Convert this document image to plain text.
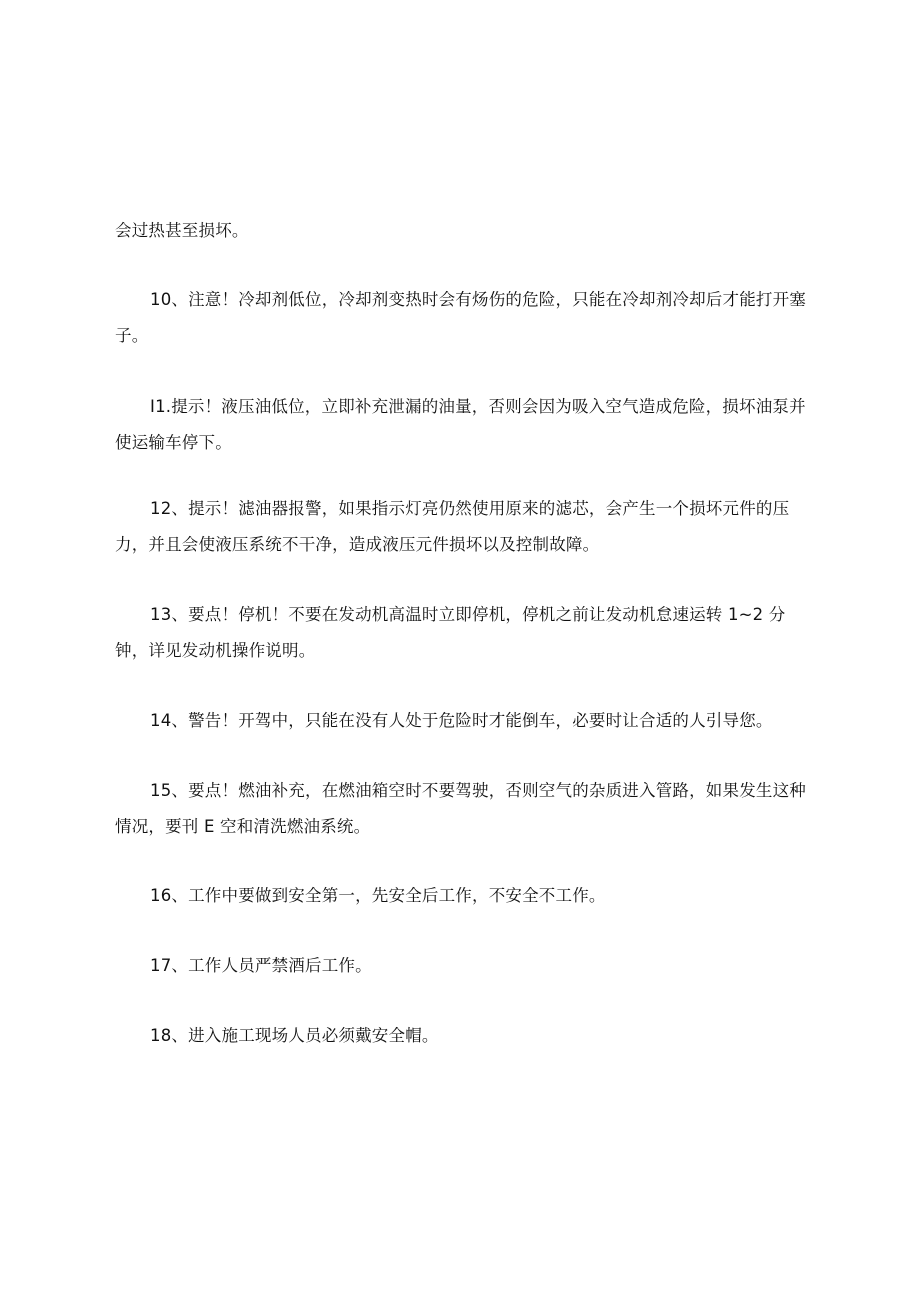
会过热甚至损坏。

10、注意！冷却剂低位，冷却剂变热时会有炀伤的危险，只能在冷却剂冷却后才能打开塞子。

I1.提示！液压油低位，立即补充泄漏的油量，否则会因为吸入空气造成危险，损坏油泵并使运输车停下。

12、提示！滤油器报警，如果指示灯亮仍然使用原来的滤芯，会产生一个损坏元件的压力，并且会使液压系统不干净，造成液压元件损坏以及控制故障。

13、要点！停机！不要在发动机高温时立即停机，停机之前让发动机怠速运转 1~2 分钟，详见发动机操作说明。

14、警告！开驾中，只能在没有人处于危险时才能倒车，必要时让合适的人引导您。

15、要点！燃油补充，在燃油箱空时不要驾驶，否则空气的杂质进入管路，如果发生这种情况，要刊 E 空和清洗燃油系统。

16、工作中要做到安全第一，先安全后工作，不安全不工作。

17、工作人员严禁酒后工作。

18、进入施工现场人员必须戴安全帽。
